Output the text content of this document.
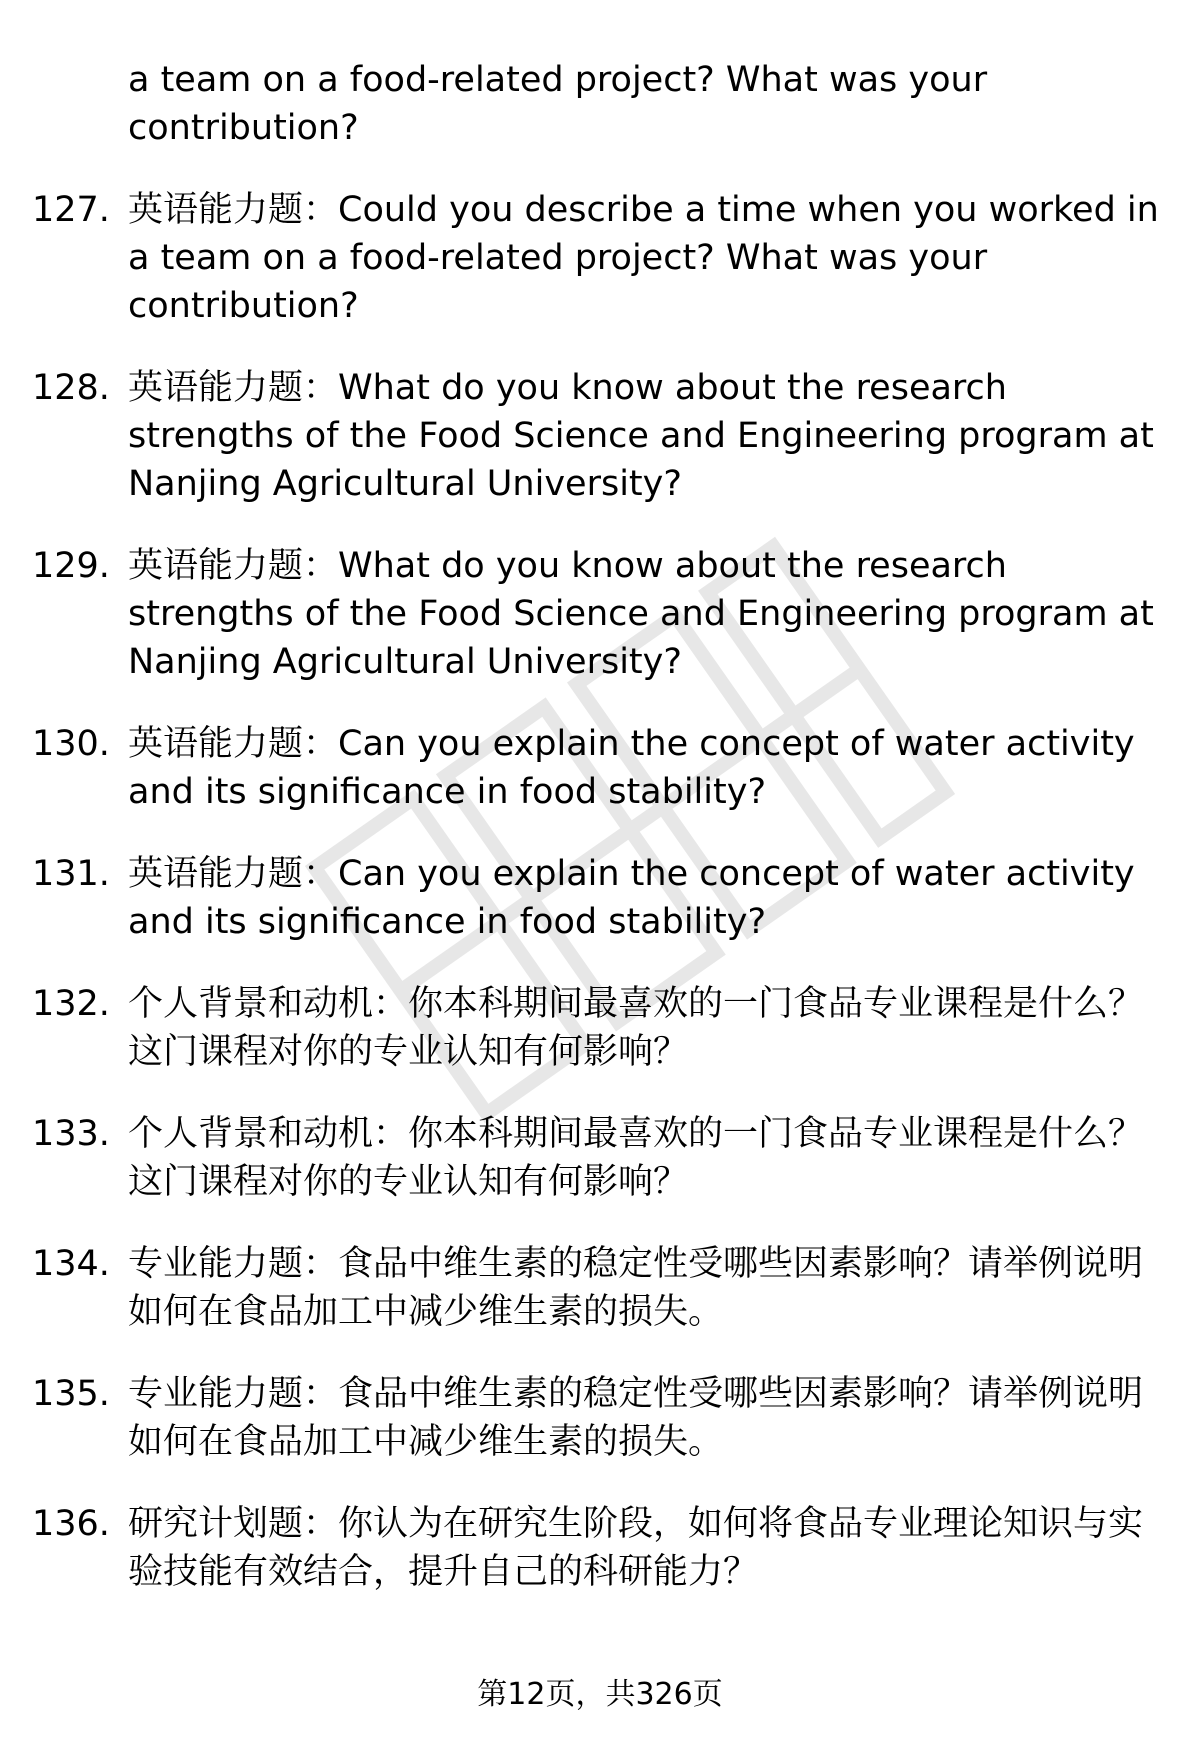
a team on a food-related project? What was your contribution?
127. 英语能力题：Could you describe a time when you worked in a team on a food-related project? What was your contribution?
128. 英语能力题：What do you know about the research strengths of the Food Science and Engineering program at Nanjing Agricultural University?
129. 英语能力题：What do you know about the research strengths of the Food Science and Engineering program at Nanjing Agricultural University?
130. 英语能力题：Can you explain the concept of water activity and its significance in food stability?
131. 英语能力题：Can you explain the concept of water activity and its significance in food stability?
132. 个人背景和动机：你本科期间最喜欢的一门食品专业课程是什么？这门课程对你的专业认知有何影响？
133. 个人背景和动机：你本科期间最喜欢的一门食品专业课程是什么？这门课程对你的专业认知有何影响？
134. 专业能力题：食品中维生素的稳定性受哪些因素影响？请举例说明如何在食品加工中减少维生素的损失。
135. 专业能力题：食品中维生素的稳定性受哪些因素影响？请举例说明如何在食品加工中减少维生素的损失。
136. 研究计划题：你认为在研究生阶段，如何将食品专业理论知识与实验技能有效结合，提升自己的科研能力？
第12页，共326页
